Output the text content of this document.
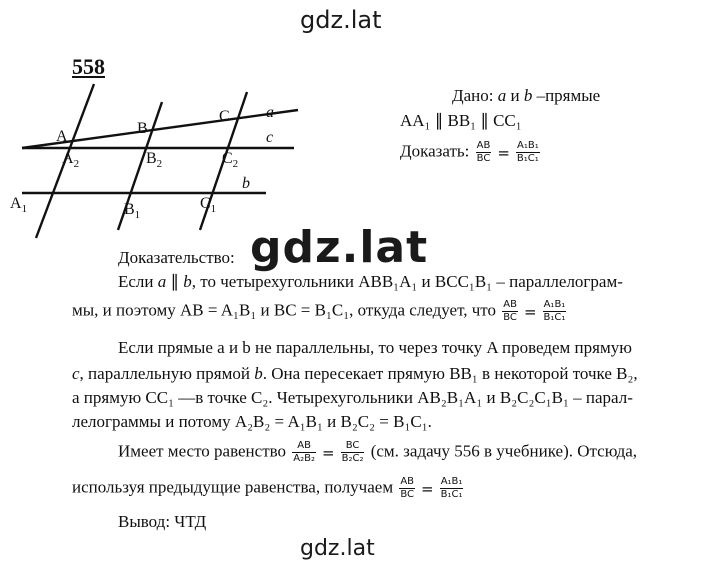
gdz.lat
gdz.lat
gdz.lat
558
A	B
C a
c
b
$A_2$	$B_2$	$C_2$
$A_1$	$B_1$
$C_1$
Дано: a и b –прямые
AA₁ ∥ BB₁ ∥ CC₁
Доказать: $\frac{AB}{BC} = \frac{\text{A₁B₁}}{\text{B₁C₁}}$
Доказательство:
Если a ∥ b, то четырехугольники ABB₁A₁ и BCC₁B₁ – параллелограм-
мы, и поэтому AB = A₁B₁ и BC = B₁C₁, откуда следует, что $\frac{AB}{BC} = \frac{\text{A₁B₁}}{\text{B₁C₁}}$
Если прямые a и b не параллельны, то через точку A проведем прямую
c, параллельную прямой b. Она пересекает прямую BB₁ в некоторой точке B₂,
а прямую CC₁ —в точке C₂. Четырехугольники AB₂B₁A₁ и B₂C₂C₁B₁ – парал-
лелограммы и потому A₂B₂ = A₁B₁ и B₂C₂ = B₁C₁.
Имеет место равенство $\frac{AB}{\text{A₂B₂}} = \frac{BC}{\text{B₂C₂}} (см$. задачу 556 в учебнике). Отсюда,
используя предыдущие равенства, получаем $\frac{AB}{BC} = \frac{\text{A₁B₁}}{\text{B₁C₁}}$
Вывод: ЧТД
